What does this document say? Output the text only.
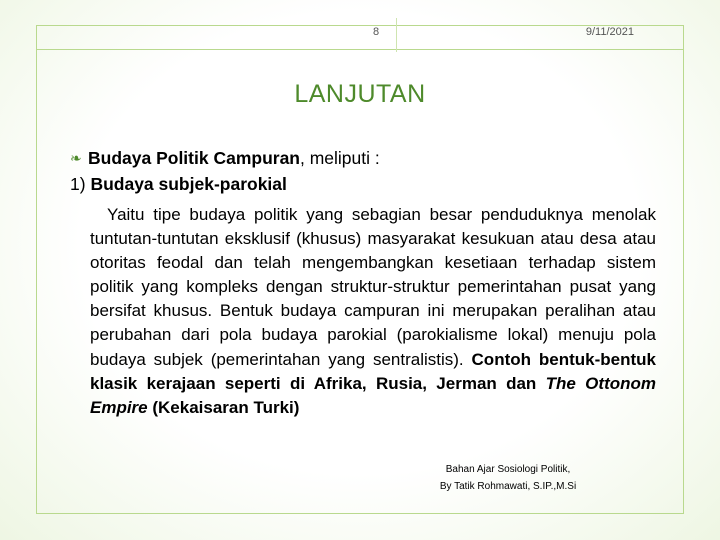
8	9/11/2021
LANJUTAN
❧ Budaya Politik Campuran, meliputi :
1) Budaya subjek-parokial
Yaitu tipe budaya politik yang sebagian besar penduduknya menolak tuntutan-tuntutan eksklusif (khusus) masyarakat kesukuan atau desa atau otoritas feodal dan telah mengembangkan kesetiaan terhadap sistem politik yang kompleks dengan struktur-struktur pemerintahan pusat yang bersifat khusus. Bentuk budaya campuran ini merupakan peralihan atau perubahan dari pola budaya parokial (parokialisme lokal) menuju pola budaya subjek (pemerintahan yang sentralistis). Contoh bentuk-bentuk klasik kerajaan seperti di Afrika, Rusia, Jerman dan The Ottonom Empire (Kekaisaran Turki)
Bahan Ajar Sosiologi Politik,
By Tatik Rohmawati, S.IP.,M.Si
